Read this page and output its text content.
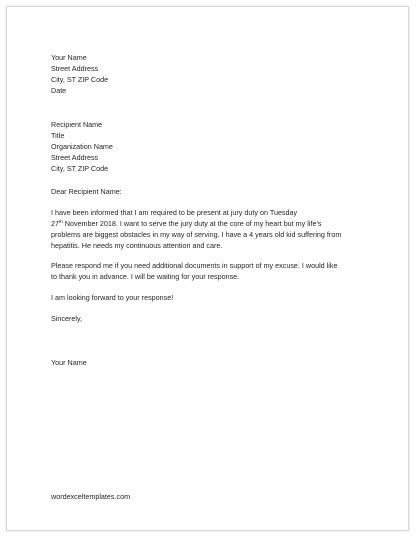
Your Name
Street Address
City, ST ZIP Code
Date
Recipient Name
Title
Organization Name
Street Address
City, ST ZIP Code
Dear Recipient Name:
I have been informed that I am required to be present at jury duty on Tuesday
27th November 2018. I want to serve the jury duty at the core of my heart but my life’s
problems are biggest obstacles in my way of serving. I have a 4 years old kid suffering from
hepatitis. He needs my continuous attention and care.
Please respond me if you need additional documents in support of my excuse. I would like
to thank you in advance. I will be waiting for your response.
I am looking forward to your response!
Sincerely,
Your Name
wordexceltemplates.com
